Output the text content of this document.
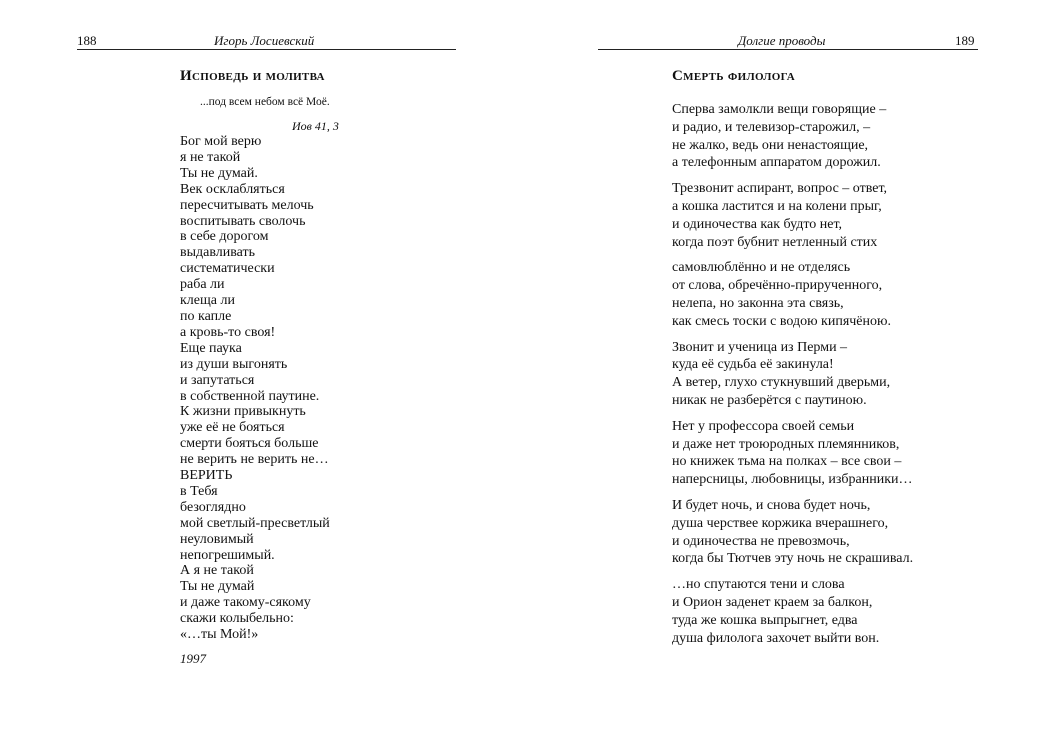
188	Игорь Лосиевский
Исповедь и молитва
...под всем небом всё Моё.
Иов 41, 3
Бог мой верю
я не такой
Ты не думай.
Век осклабляться
пересчитывать мелочь
воспитывать сволочь
в себе дорогом
выдавливать
систематически
раба ли
клеща ли
по капле
а кровь-то своя!
Еще паука
из души выгонять
и запутаться
в собственной паутине.
К жизни привыкнуть
уже её не бояться
смерти бояться больше
не верить не верить не…
ВЕРИТЬ
в Тебя
безоглядно
мой светлый-пресветлый
неуловимый
непогрешимый.
А я не такой
Ты не думай
и даже такому-сякому
скажи колыбельно:
«…ты Мой!»
1997
Долгие проводы	189
Смерть филолога
Сперва замолкли вещи говорящие –
и радио, и телевизор-старожил, –
не жалко, ведь они ненастоящие,
а телефонным аппаратом дорожил.
Трезвонит аспирант, вопрос – ответ,
а кошка ластится и на колени прыг,
и одиночества как будто нет,
когда поэт бубнит нетленный стих
самовлюблённо и не отделясь
от слова, обречённо-прирученного,
нелепа, но законна эта связь,
как смесь тоски с водою кипячёною.
Звонит и ученица из Перми –
куда её судьба её закинула!
А ветер, глухо стукнувший дверьми,
никак не разберётся с паутиною.
Нет у профессора своей семьи
и даже нет троюродных племянников,
но книжек тьма на полках – все свои –
наперсницы, любовницы, избранники…
И будет ночь, и снова будет ночь,
душа черствее коржика вчерашнего,
и одиночества не превозмочь,
когда бы Тютчев эту ночь не скрашивал.
…но спутаются тени и слова
и Орион заденет краем за балкон,
туда же кошка выпрыгнет, едва
душа филолога захочет выйти вон.
